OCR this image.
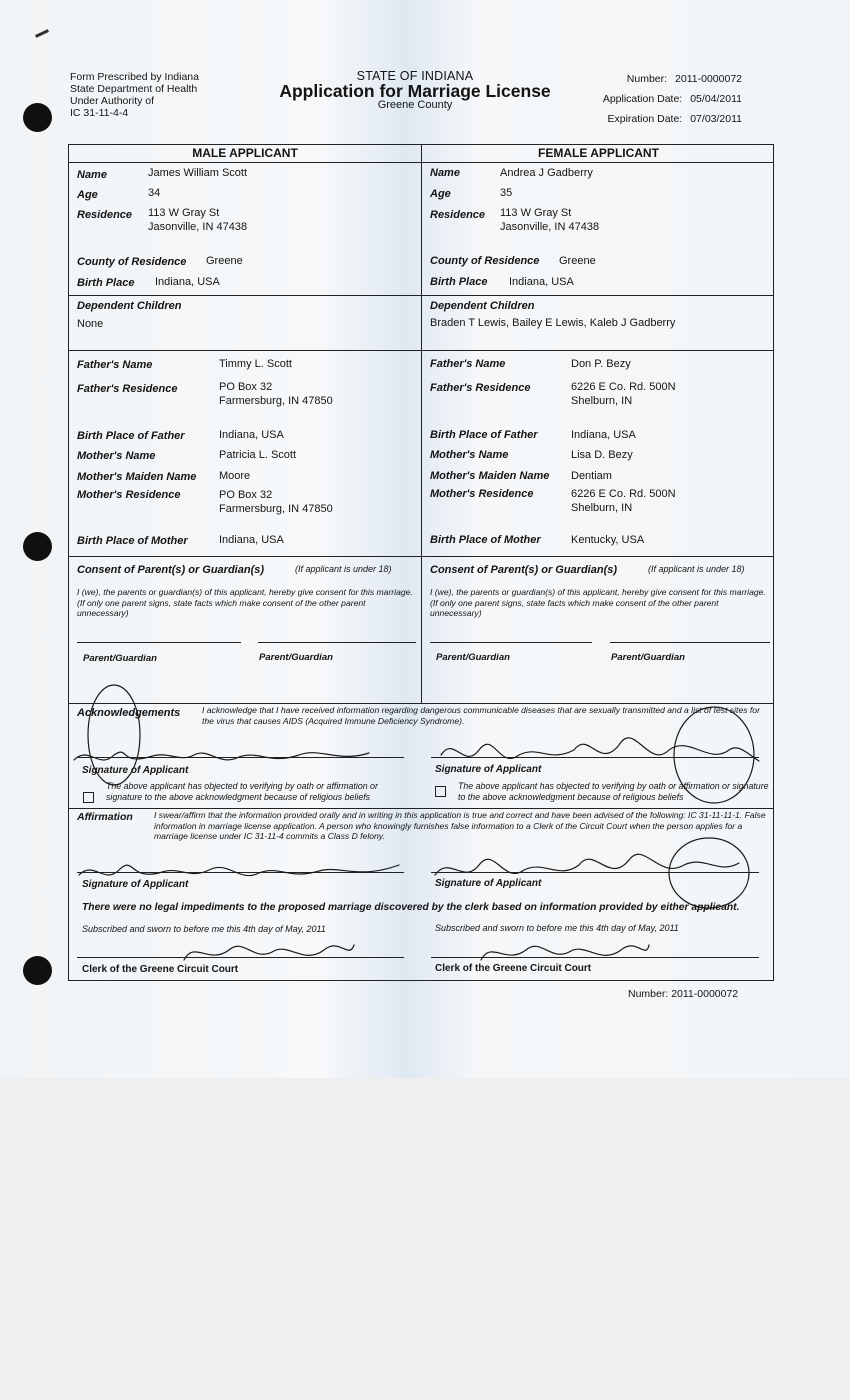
Form Prescribed by Indiana
State Department of Health
Under Authority of
IC 31-11-4-4
STATE OF INDIANA
Application for Marriage License
Greene County
Number: 2011-0000072
Application Date: 05/04/2011
Expiration Date: 07/03/2011
MALE APPLICANT	FEMALE APPLICANT
Name	James William Scott
Age	34
Residence 113 W Gray St
Jasonville, IN 47438
County of Residence Greene
Birth Place Indiana, USA
Dependent Children
None
Father's Name	Timmy L. Scott
Father's Residence	PO Box 32
Farmersburg, IN 47850
Birth Place of Father	Indiana, USA
Mother's Name	Patricia L. Scott
Mother's Maiden Name Moore
Mother's Residence	PO Box 32
Farmersburg, IN 47850
Birth Place of Mother	Indiana, USA
Consent of Parent(s) or Guardian(s)	(If applicant is under 18)
I (we), the parents or guardian(s) of this applicant, hereby give consent for this marriage. (If only one parent signs, state facts which make consent of the other parent unnecessary)
Parent/Guardian	Parent/Guardian
Name	Andrea J Gadberry
Age	35
Residence 113 W Gray St
Jasonville, IN 47438
County of Residence Greene
Birth Place Indiana, USA
Dependent Children
Braden T Lewis, Bailey E Lewis, Kaleb J Gadberry
Father's Name	Don P. Bezy
Father's Residence	6226 E Co. Rd. 500N
Shelburn, IN
Birth Place of Father	Indiana, USA
Mother's Name	Lisa D. Bezy
Mother's Maiden Name Dentiam
Mother's Residence	6226 E Co. Rd. 500N
Shelburn, IN
Birth Place of Mother	Kentucky, USA
Consent of Parent(s) or Guardian(s)	(If applicant is under 18)
I (we), the parents or guardian(s) of this applicant, hereby give consent for this marriage. (If only one parent signs, state facts which make consent of the other parent unnecessary)
Parent/Guardian	Parent/Guardian
Acknowledgements	I acknowledge that I have received information regarding dangerous communicable diseases that are sexually transmitted and a list of test sites for the virus that causes AIDS (Acquired Immune Deficiency Syndrome).
Signature of Applicant	Signature of Applicant
The above applicant has objected to verifying by oath or affirmation or signature to the above acknowledgment because of religious beliefs
The above applicant has objected to verifying by oath or affirmation or signature to the above acknowledgment because of religious beliefs
Affirmation I swear/affirm that the information provided orally and in writing in this application is true and correct and have been advised of the following: IC 31-11-11-1. False information in marriage license application. A person who knowingly furnishes false information to a Clerk of the Circuit Court when the person applies for a marriage license under IC 31-11-4 commits a Class D felony.
Signature of Applicant	Signature of Applicant
There were no legal impediments to the proposed marriage discovered by the clerk based on information provided by either applicant.
Subscribed and sworn to before me this 4th day of May, 2011	Subscribed and sworn to before me this 4th day of May, 2011
Clerk of the Greene Circuit Court	Clerk of the Greene Circuit Court
Number: 2011-0000072
